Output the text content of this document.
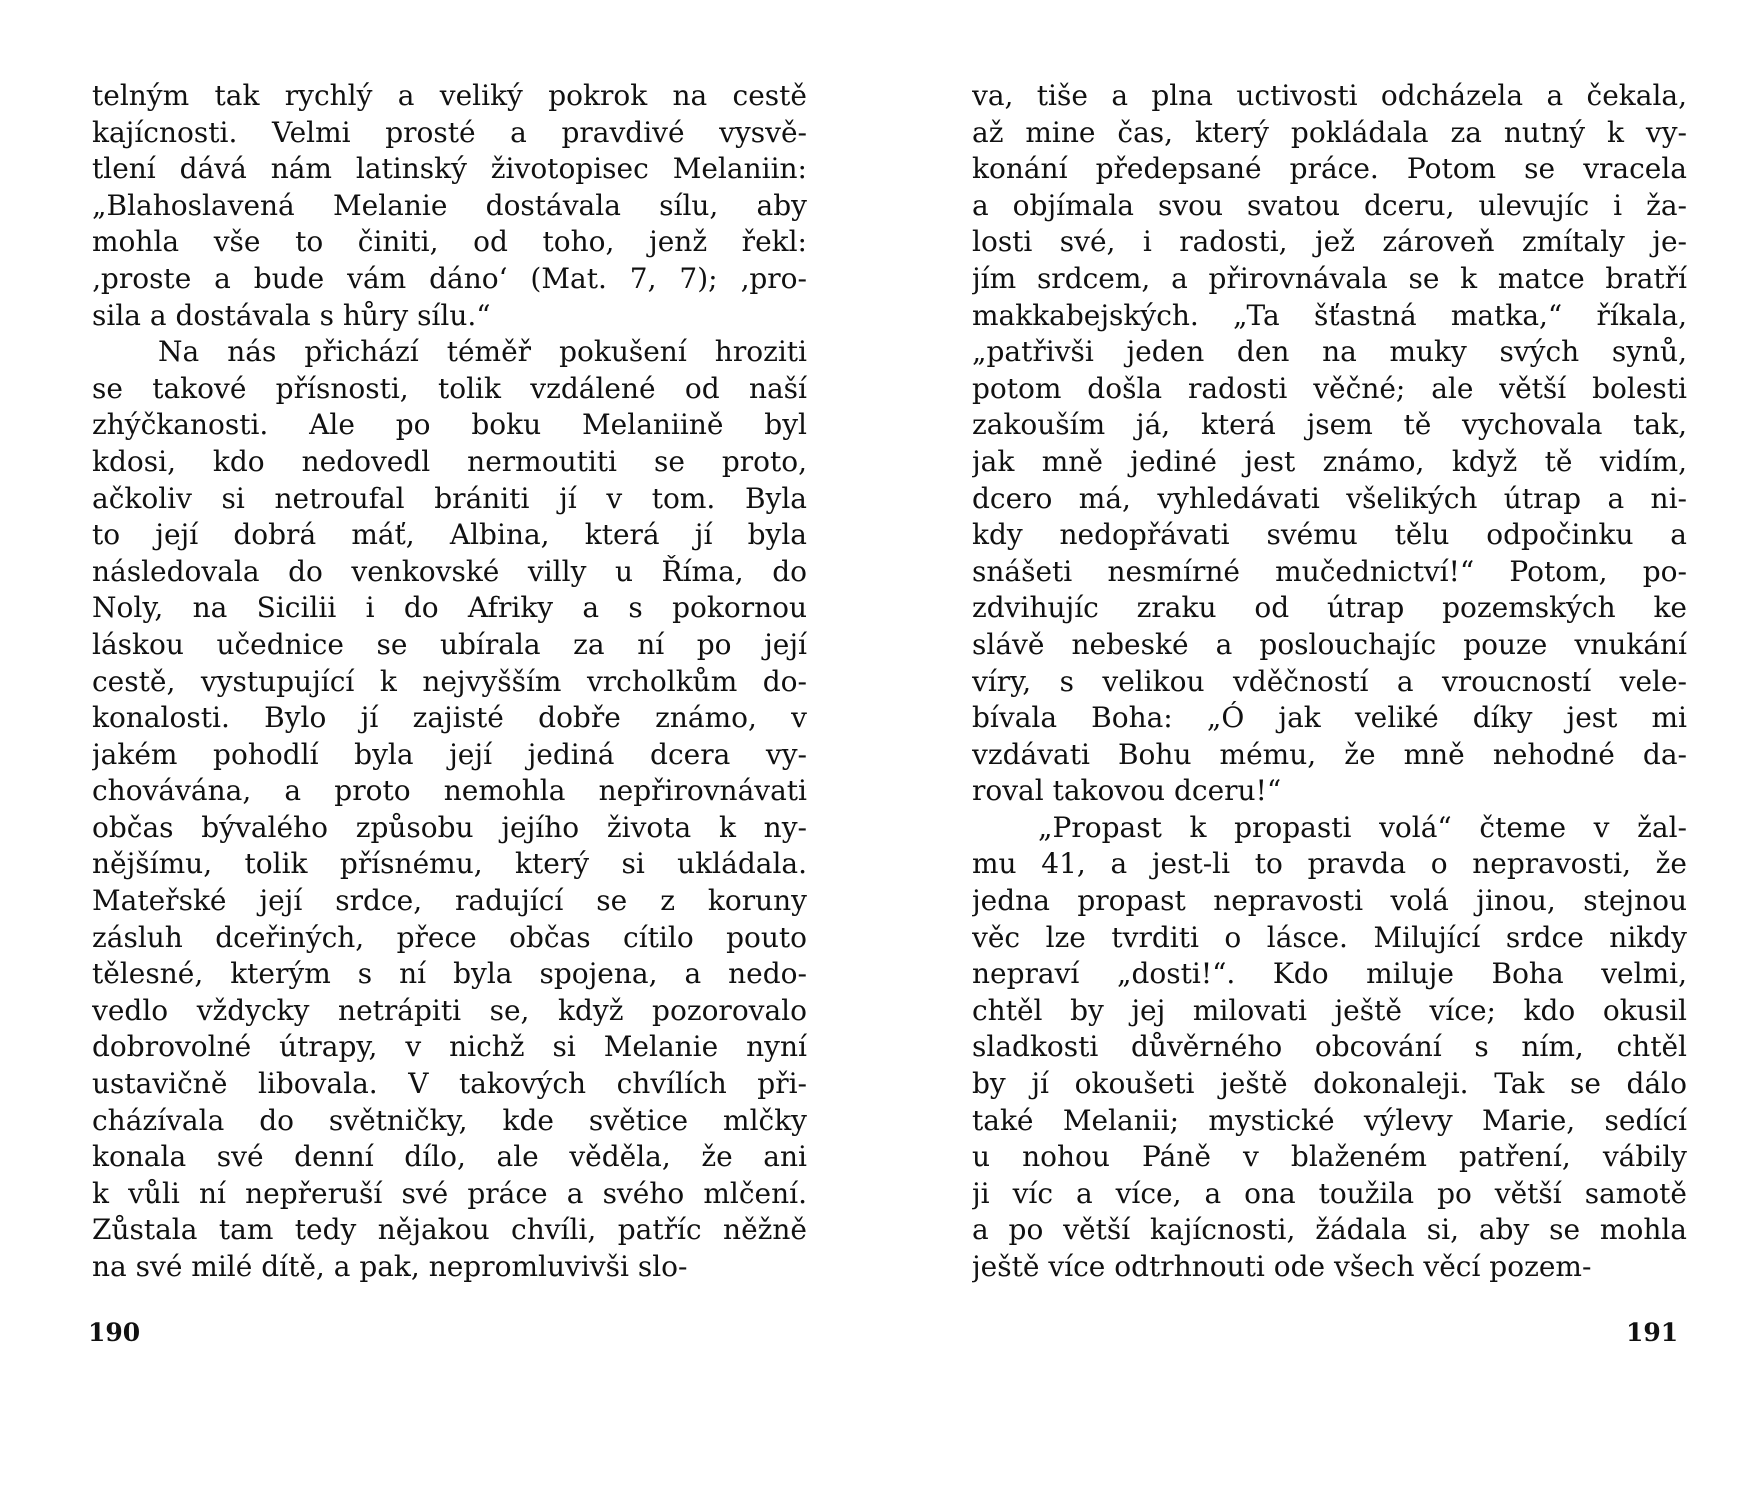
telným tak rychlý a veliký pokrok na cestě
kajícnosti. Velmi prosté a pravdivé vysvě-
tlení dává nám latinský životopisec Melaniin:
„Blahoslavená Melanie dostávala sílu, aby
mohla vše to činiti, od toho, jenž řekl:
‚proste a bude vám dáno‘ (Mat. 7, 7); ‚pro-
sila a dostávala s hůry sílu.“
Na nás přichází téměř pokušení hroziti
se takové přísnosti, tolik vzdálené od naší
zhýčkanosti. Ale po boku Melaniině byl
kdosi, kdo nedovedl nermoutiti se proto,
ačkoliv si netroufal brániti jí v tom. Byla
to její dobrá máť, Albina, která jí byla
následovala do venkovské villy u Říma, do
Noly, na Sicilii i do Afriky a s pokornou
láskou učednice se ubírala za ní po její
cestě, vystupující k nejvyšším vrcholkům do-
konalosti. Bylo jí zajisté dobře známo, v
jakém pohodlí byla její jediná dcera vy-
chovávána, a proto nemohla nepřirovnávati
občas bývalého způsobu jejího života k ny-
nějšímu, tolik přísnému, který si ukládala.
Mateřské její srdce, radující se z koruny
zásluh dceřiných, přece občas cítilo pouto
tělesné, kterým s ní byla spojena, a nedo-
vedlo vždycky netrápiti se, když pozorovalo
dobrovolné útrapy, v nichž si Melanie nyní
ustavičně libovala. V takových chvílích při-
cházívala do světničky, kde světice mlčky
konala své denní dílo, ale věděla, že ani
k vůli ní nepřeruší své práce a svého mlčení.
Zůstala tam tedy nějakou chvíli, patříc něžně
na své milé dítě, a pak, nepromluvivši slo-
190
va, tiše a plna uctivosti odcházela a čekala,
až mine čas, který pokládala za nutný k vy-
konání předepsané práce. Potom se vracela
a objímala svou svatou dceru, ulevujíc i ža-
losti své, i radosti, jež zároveň zmítaly je-
jím srdcem, a přirovnávala se k matce bratří
makkabejských. „Ta šťastná matka,“ říkala,
„patřivši jeden den na muky svých synů,
potom došla radosti věčné; ale větší bolesti
zakouším já, která jsem tě vychovala tak,
jak mně jediné jest známo, když tě vidím,
dcero má, vyhledávati všelikých útrap a ni-
kdy nedopřávati svému tělu odpočinku a
snášeti nesmírné mučednictví!“ Potom, po-
zdvihujíc zraku od útrap pozemských ke
slávě nebeské a poslouchajíc pouze vnukání
víry, s velikou vděčností a vroucností vele-
bívala Boha: „Ó jak veliké díky jest mi
vzdávati Bohu mému, že mně nehodné da-
roval takovou dceru!“
„Propast k propasti volá“ čteme v žal-
mu 41, a jest-li to pravda o nepravosti, že
jedna propast nepravosti volá jinou, stejnou
věc lze tvrditi o lásce. Milující srdce nikdy
nepraví „dosti!“. Kdo miluje Boha velmi,
chtěl by jej milovati ještě více; kdo okusil
sladkosti důvěrného obcování s ním, chtěl
by jí okoušeti ještě dokonaleji. Tak se dálo
také Melanii; mystické výlevy Marie, sedící
u nohou Páně v blaženém patření, vábily
ji víc a více, a ona toužila po větší samotě
a po větší kajícnosti, žádala si, aby se mohla
ještě více odtrhnouti ode všech věcí pozem-
191
